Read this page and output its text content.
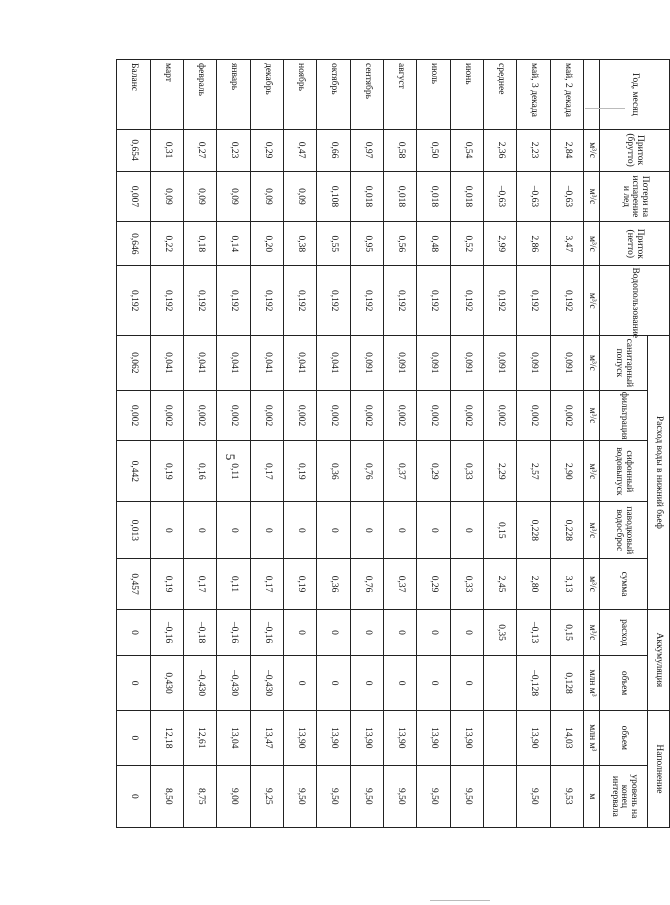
5
Год, месяц	Приток (брутто)	Потери на испарение и лед	Приток (нетто)	Водопользование	Расход воды в нижний бьеф					Аккумуляция		Наполнение	
					санитарный попуск	фильтрация	сифонный водовыпуск	паводковый водосброс	сумма	расход	объем	объем	уровень на конец интервала
	м³/с	м³/с	м³/с	м³/с	м³/с	м³/с	м³/с	м³/с	м³/с	м³/с	млн м³	млн м³	м
май, 2 декада	2,84	–0,63	3,47	0,192	0,091	0,002	2,90	0,228	3,13	0,15	0,128	14,03	9,53
май, 3 декада	2,23	–0,63	2,86	0,192	0,091	0,002	2,57	0,228	2,80	–0,13	–0,128	13,90	9,50
среднее	2,36	–0,63	2,99	0,192	0,091	0,002	2,29	0,15	2,45	0,35			
июнь	0,54	0,018	0,52	0,192	0,091	0,002	0,33	0	0,33	0	0	13,90	9,50
июль	0,50	0,018	0,48	0,192	0,091	0,002	0,29	0	0,29	0	0	13,90	9,50
август	0,58	0,018	0,56	0,192	0,091	0,002	0,37	0	0,37	0	0	13,90	9,50
сентябрь	0,97	0,018	0,95	0,192	0,091	0,002	0,76	0	0,76	0	0	13,90	9,50
октябрь	0,66	0,108	0,55	0,192	0,041	0,002	0,36	0	0,36	0	0	13,90	9,50
ноябрь	0,47	0,09	0,38	0,192	0,041	0,002	0,19	0	0,19	0	0	13,90	9,50
декабрь	0,29	0,09	0,20	0,192	0,041	0,002	0,17	0	0,17	–0,16	–0,430	13,47	9,25
январь	0,23	0,09	0,14	0,192	0,041	0,002	0,11	0	0,11	–0,16	–0,430	13,04	9,00
февраль	0,27	0,09	0,18	0,192	0,041	0,002	0,16	0	0,17	–0,18	–0,430	12,61	8,75
март	0,31	0,09	0,22	0,192	0,041	0,002	0,19	0	0,19	–0,16	0,430	12,18	8,50
Баланс	0,654	0,007	0,646	0,192	0,062	0,002	0,442	0,013	0,457	0	0	0	0
